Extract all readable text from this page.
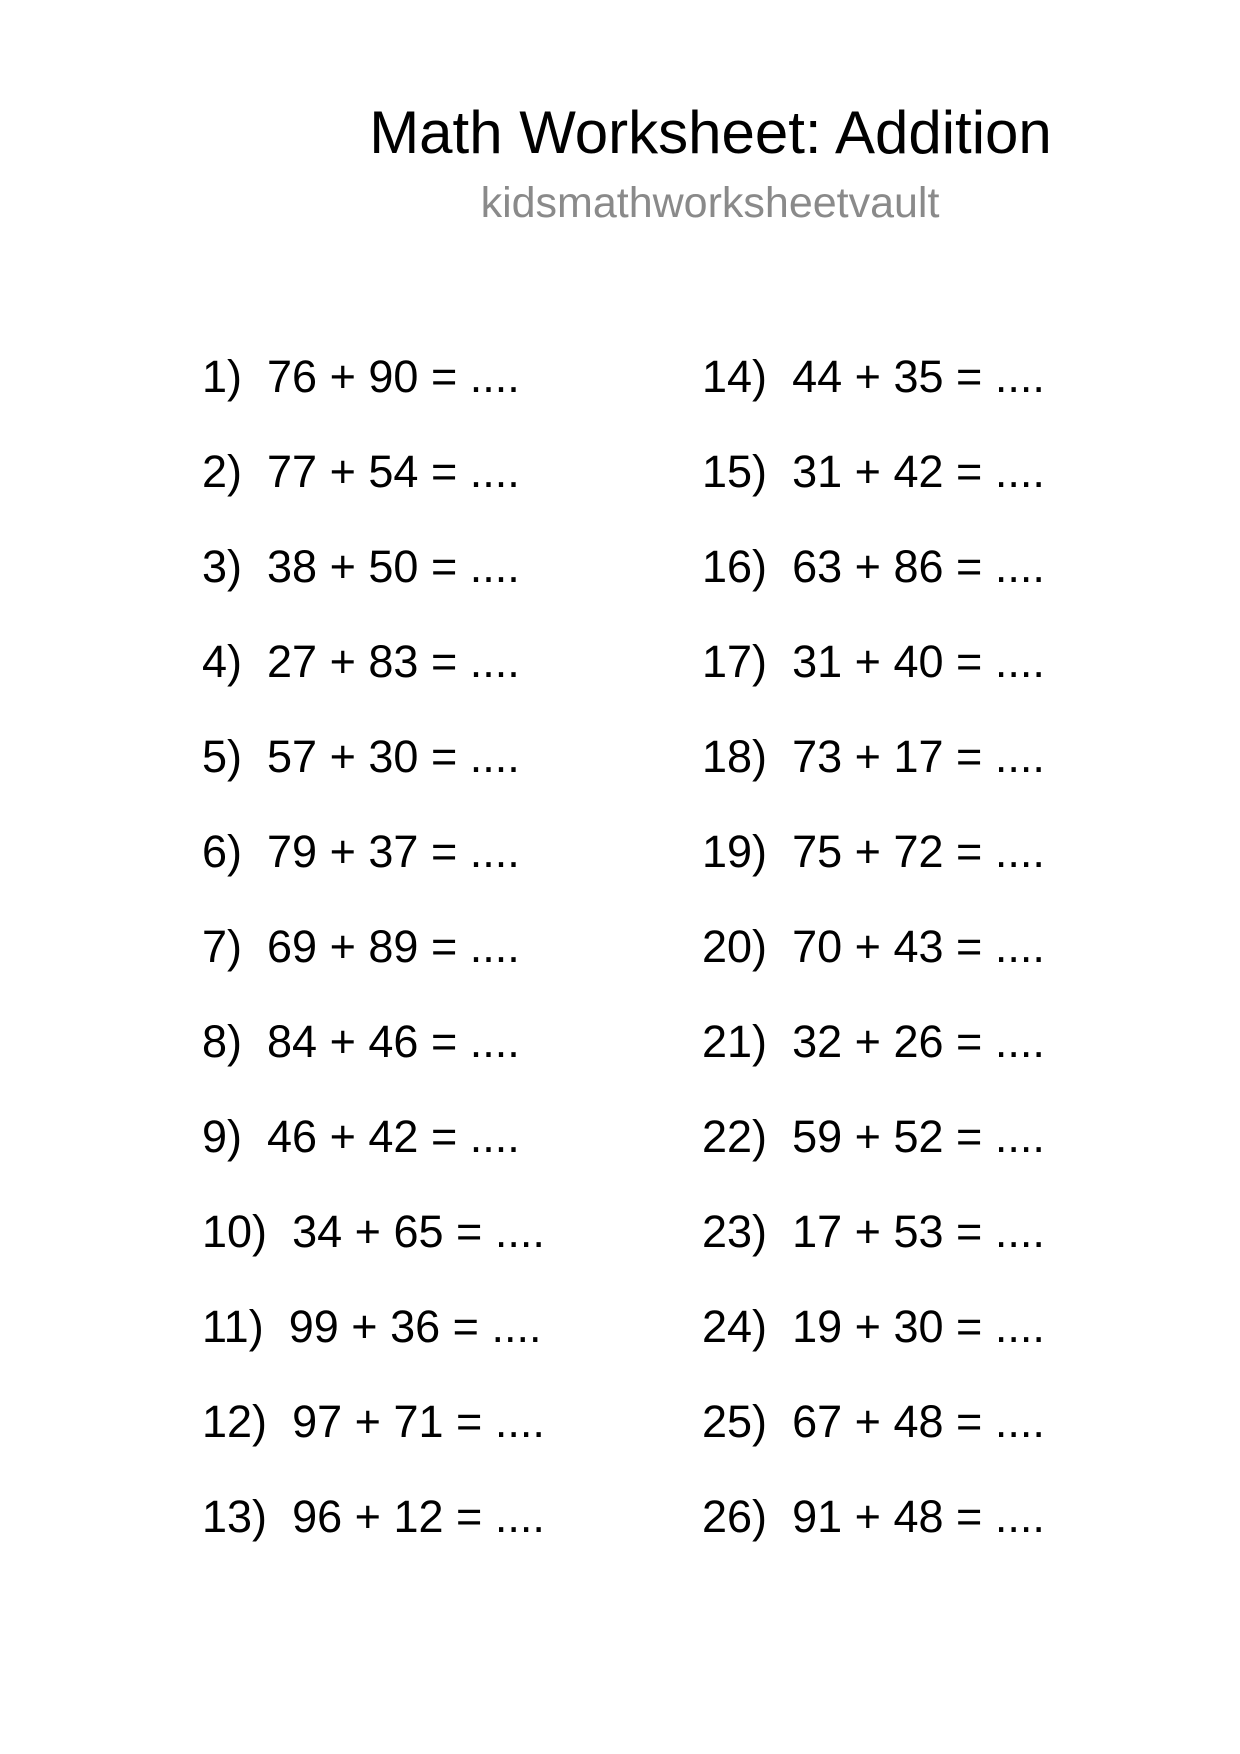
Math Worksheet: Addition
kidsmathworksheetvault
1) 76 + 90 = ....
2) 77 + 54 = ....
3) 38 + 50 = ....
4) 27 + 83 = ....
5) 57 + 30 = ....
6) 79 + 37 = ....
7) 69 + 89 = ....
8) 84 + 46 = ....
9) 46 + 42 = ....
10) 34 + 65 = ....
11) 99 + 36 = ....
12) 97 + 71 = ....
13) 96 + 12 = ....
14) 44 + 35 = ....
15) 31 + 42 = ....
16) 63 + 86 = ....
17) 31 + 40 = ....
18) 73 + 17 = ....
19) 75 + 72 = ....
20) 70 + 43 = ....
21) 32 + 26 = ....
22) 59 + 52 = ....
23) 17 + 53 = ....
24) 19 + 30 = ....
25) 67 + 48 = ....
26) 91 + 48 = ....
